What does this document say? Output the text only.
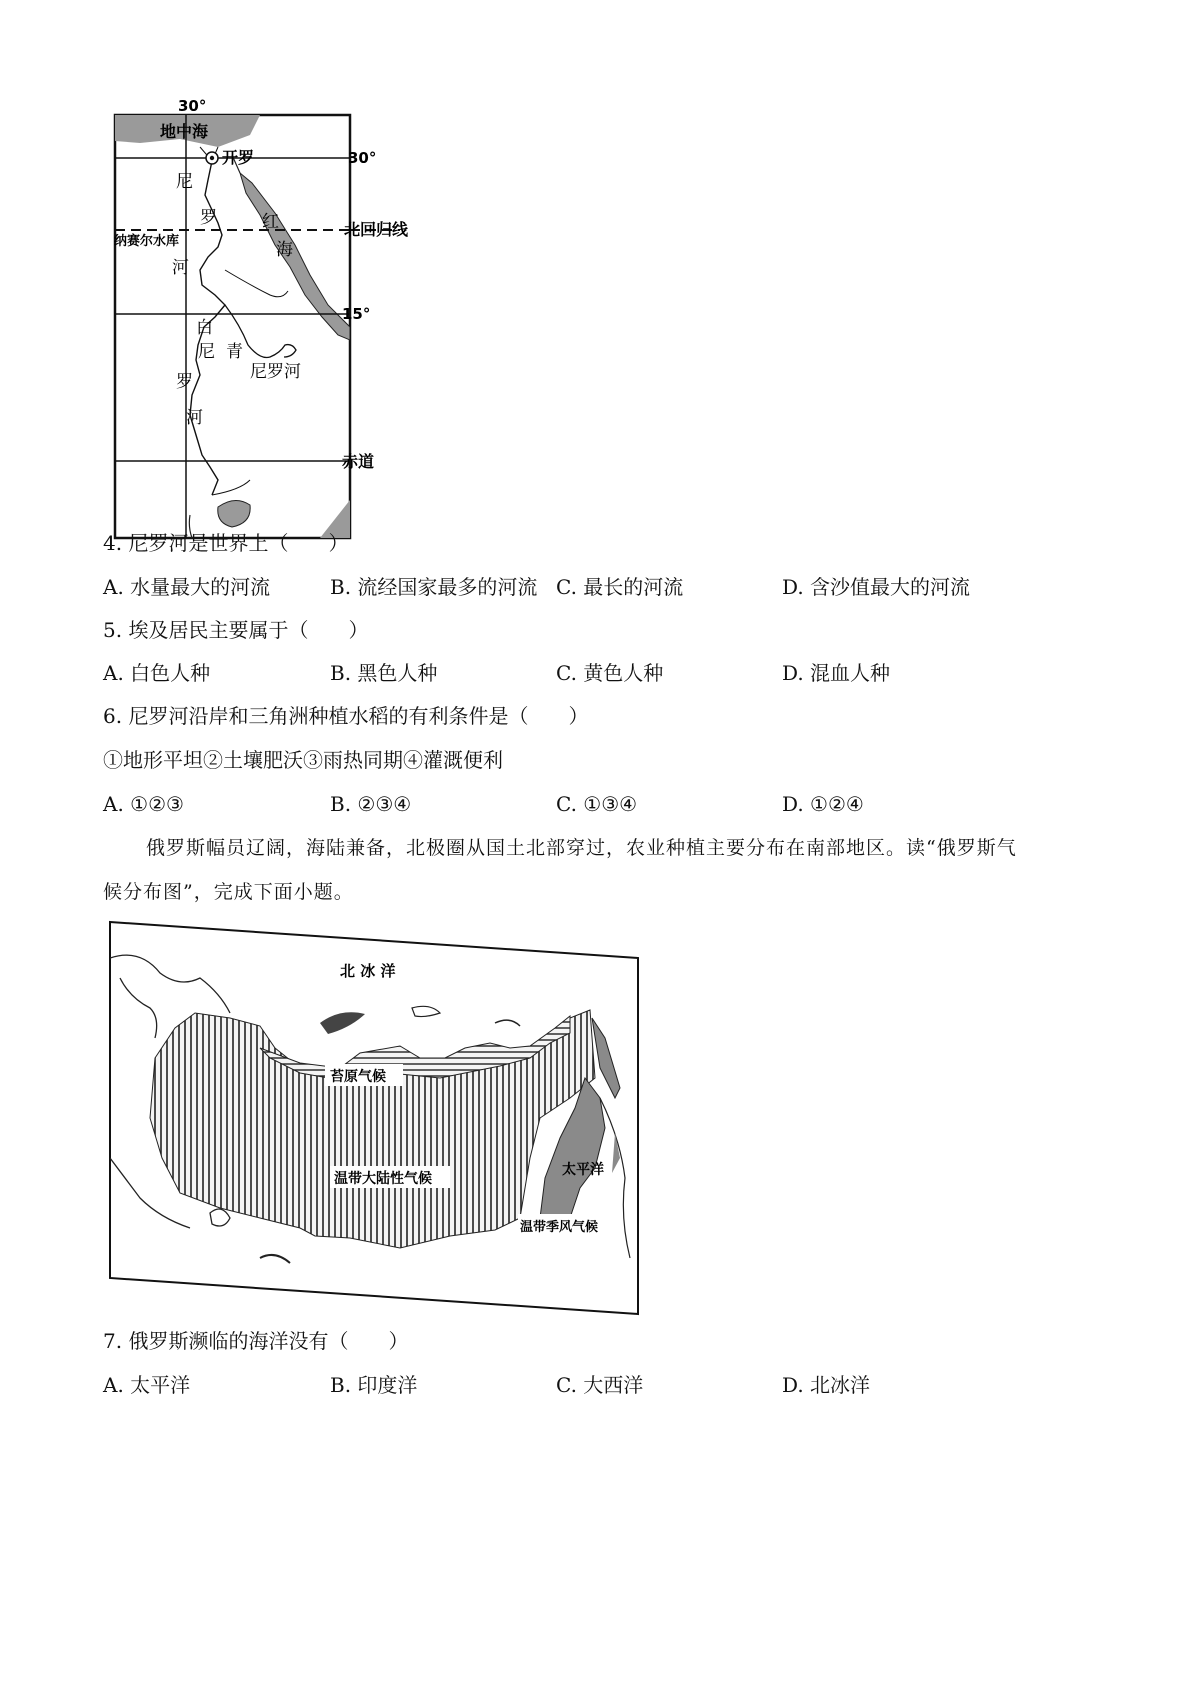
30°
30°
北回归线
15°
赤道
地中海
开罗
尼
罗
河
红
海
纳赛尔水库
白
尼
罗
河
青
尼罗河
4. 尼罗河是世界上（　　）
A. 水量最大的河流	B. 流经国家最多的河流 C. 最长的河流	D. 含沙值最大的河流
5. 埃及居民主要属于（　　）
A. 白色人种	B. 黑色人种	C. 黄色人种	D. 混血人种
6. 尼罗河沿岸和三角洲种植水稻的有利条件是（　　）
①地形平坦②土壤肥沃③雨热同期④灌溉便利
A. ①②③	B. ②③④	C. ①③④	D. ①②④
俄罗斯幅员辽阔，海陆兼备，北极圈从国土北部穿过，农业种植主要分布在南部地区。读“俄罗斯气
候分布图”，完成下面小题。
苔原气候
温带大陆性气候
北 冰 洋
太平洋
温带季风气候
7. 俄罗斯濒临的海洋没有（　　）
A. 太平洋	B. 印度洋	C. 大西洋	D. 北冰洋
